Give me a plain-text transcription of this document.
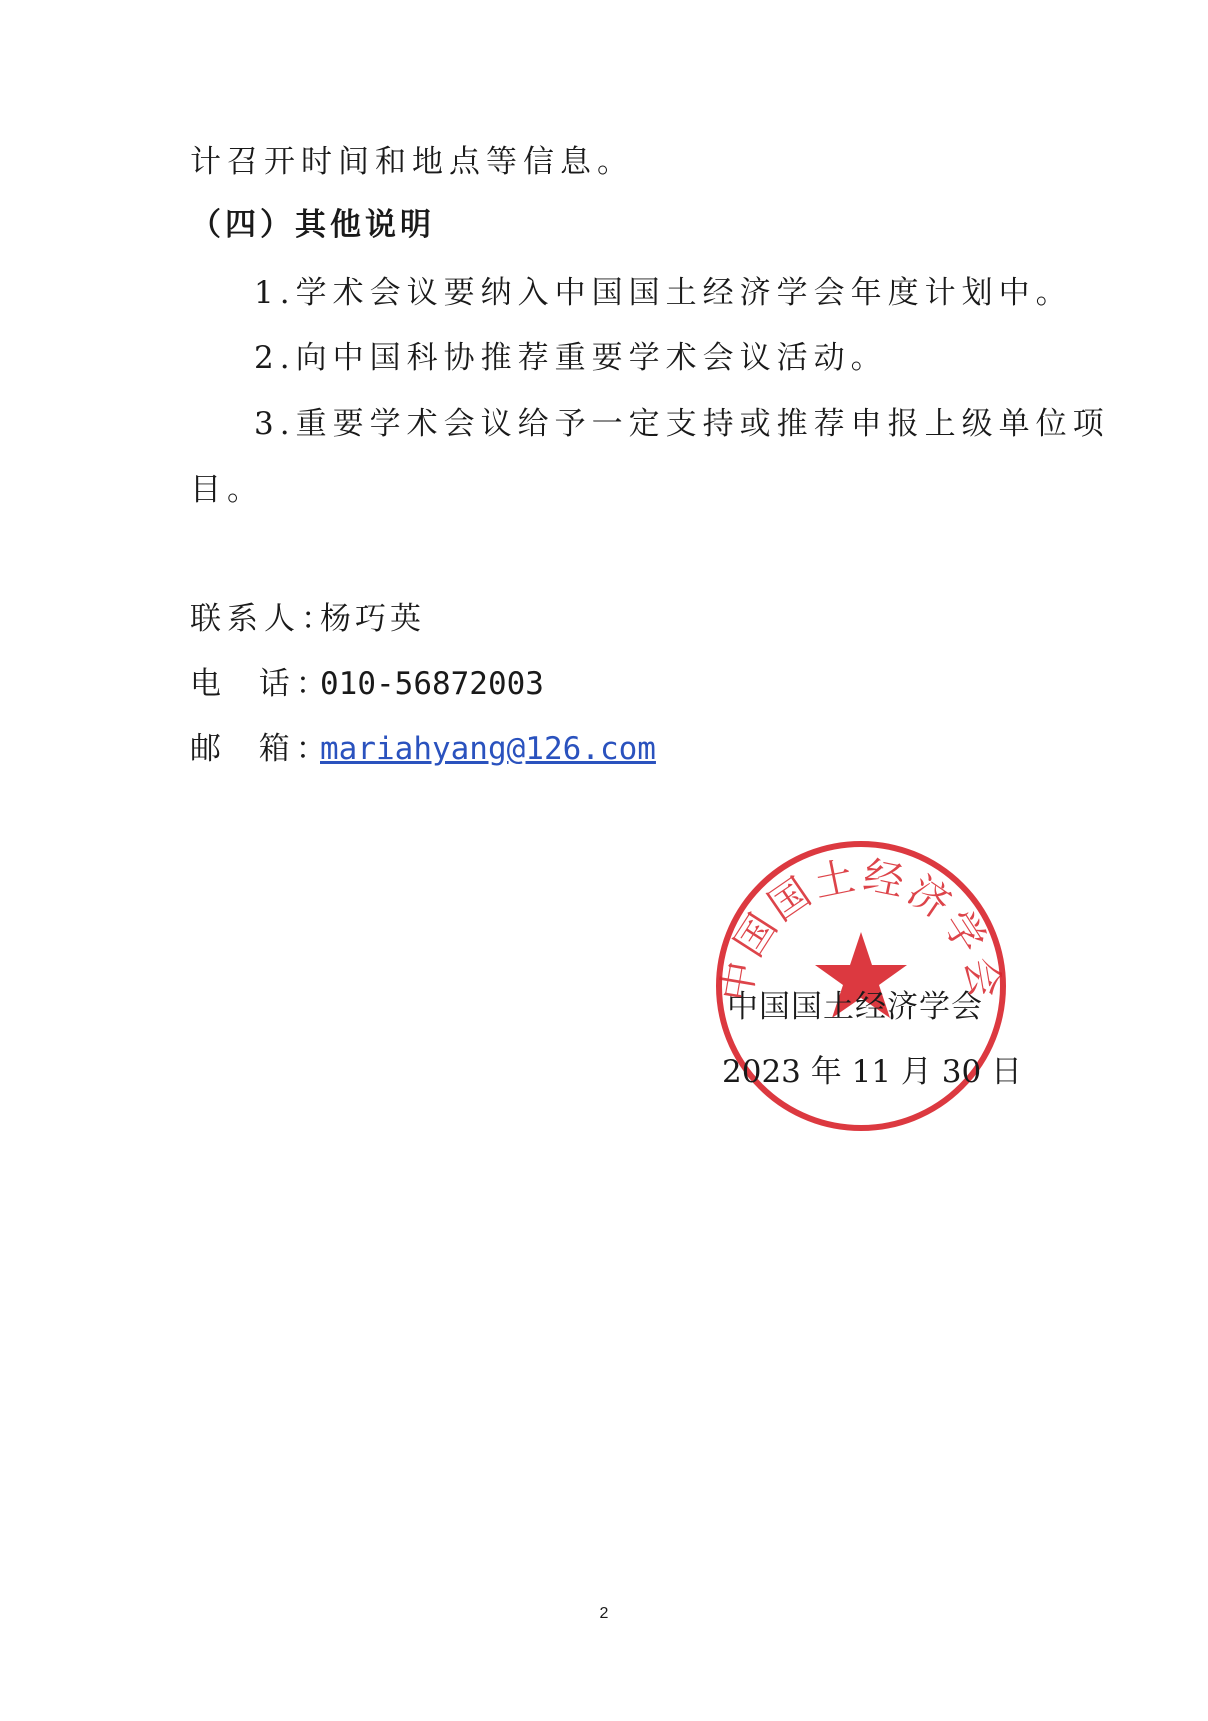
计召开时间和地点等信息。
（四）其他说明
1.学术会议要纳入中国国土经济学会年度计划中。
2.向中国科协推荐重要学术会议活动。
3.重要学术会议给予一定支持或推荐申报上级单位项
目。
联系人：杨巧英
电  话：010-56872003
邮  箱：mariahyang@126.com
中国国土经济学会
中国国土经济学会
2023 年 11 月 30 日
2
